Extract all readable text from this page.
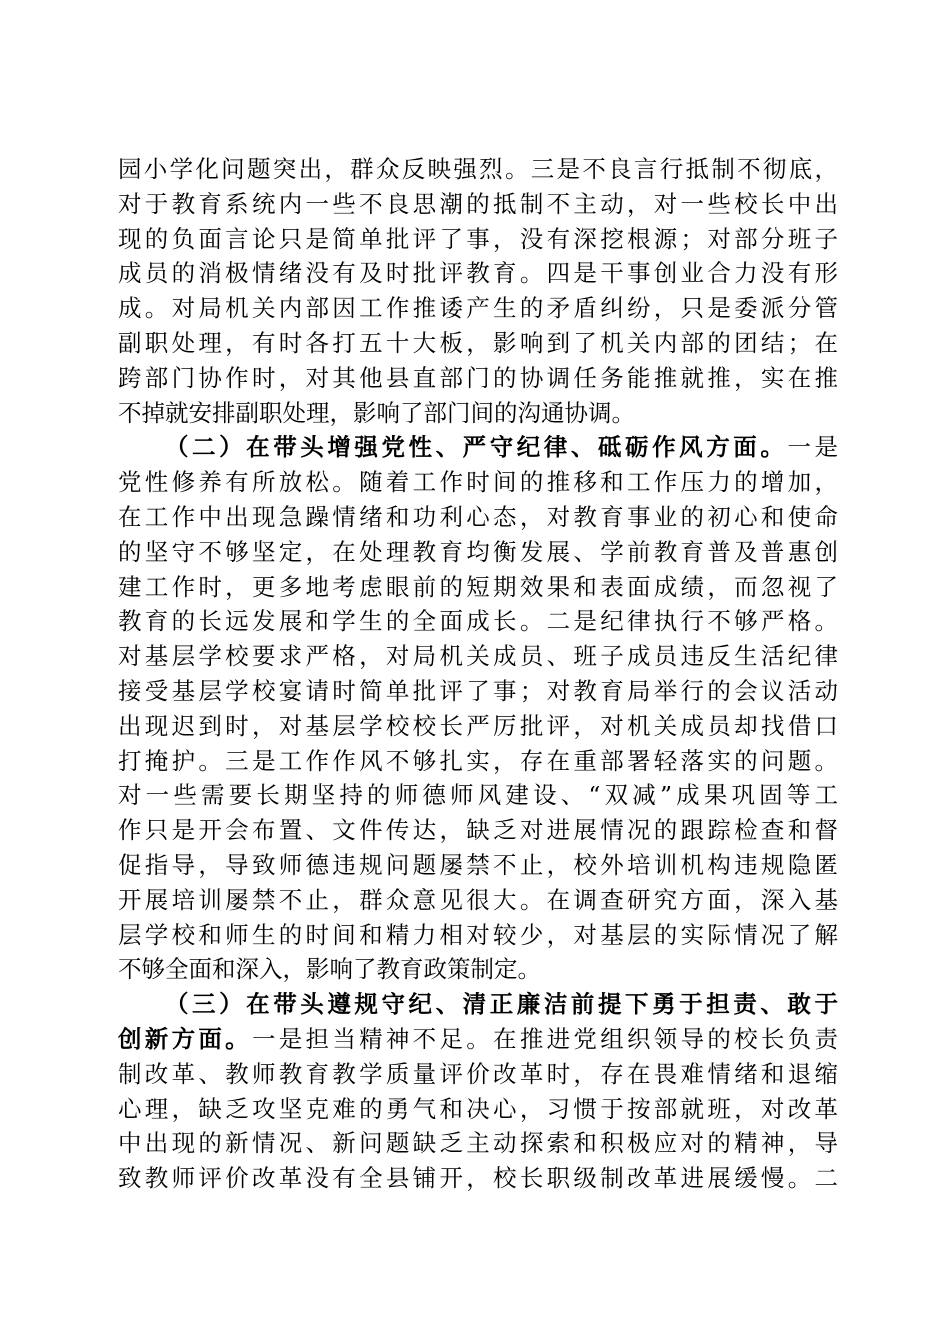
园小学化问题突出，群众反映强烈。三是不良言行抵制不彻底，
对于教育系统内一些不良思潮的抵制不主动，对一些校长中出
现的负面言论只是简单批评了事，没有深挖根源；对部分班子
成员的消极情绪没有及时批评教育。四是干事创业合力没有形
成。对局机关内部因工作推诿产生的矛盾纠纷，只是委派分管
副职处理，有时各打五十大板，影响到了机关内部的团结；在
跨部门协作时，对其他县直部门的协调任务能推就推，实在推
不掉就安排副职处理，影响了部门间的沟通协调。
（二）在带头增强党性、严守纪律、砥砺作风方面。一是
党性修养有所放松。随着工作时间的推移和工作压力的增加，
在工作中出现急躁情绪和功利心态，对教育事业的初心和使命
的坚守不够坚定，在处理教育均衡发展、学前教育普及普惠创
建工作时，更多地考虑眼前的短期效果和表面成绩，而忽视了
教育的长远发展和学生的全面成长。二是纪律执行不够严格。
对基层学校要求严格，对局机关成员、班子成员违反生活纪律
接受基层学校宴请时简单批评了事；对教育局举行的会议活动
出现迟到时，对基层学校校长严厉批评，对机关成员却找借口
打掩护。三是工作作风不够扎实，存在重部署轻落实的问题。
对一些需要长期坚持的师德师风建设、“双减”成果巩固等工
作只是开会布置、文件传达，缺乏对进展情况的跟踪检查和督
促指导，导致师德违规问题屡禁不止，校外培训机构违规隐匿
开展培训屡禁不止，群众意见很大。在调查研究方面，深入基
层学校和师生的时间和精力相对较少，对基层的实际情况了解
不够全面和深入，影响了教育政策制定。
（三）在带头遵规守纪、清正廉洁前提下勇于担责、敢于
创新方面。一是担当精神不足。在推进党组织领导的校长负责
制改革、教师教育教学质量评价改革时，存在畏难情绪和退缩
心理，缺乏攻坚克难的勇气和决心，习惯于按部就班，对改革
中出现的新情况、新问题缺乏主动探索和积极应对的精神，导
致教师评价改革没有全县铺开，校长职级制改革进展缓慢。二
